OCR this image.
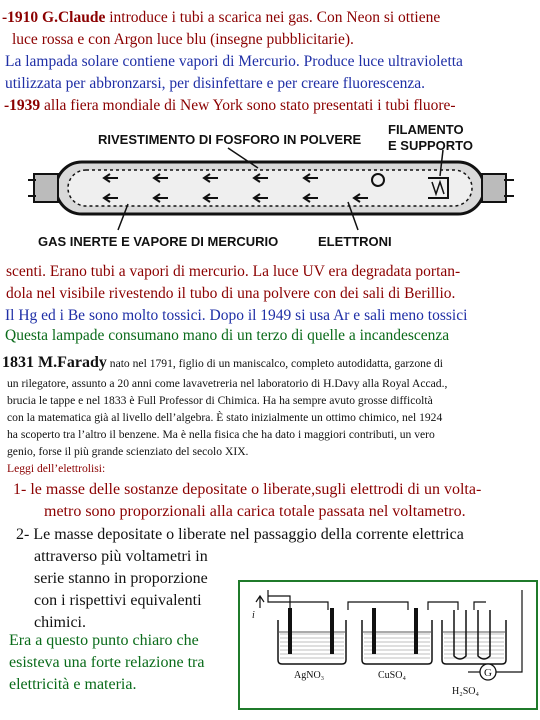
-1910 G.Claude introduce i tubi a scarica nei gas. Con Neon si ottiene
luce rossa e con Argon luce blu (insegne pubblicitarie).
La lampada solare contiene vapori di Mercurio. Produce luce ultravioletta
utilizzata per abbronzarsi, per disinfettare e per creare fluorescenza.
-1939 alla fiera mondiale di New York sono stato presentati i tubi fluore-
RIVESTIMENTO DI FOSFORO IN POLVERE
FILAMENTO
E SUPPORTO
GAS INERTE E VAPORE DI MERCURIO	ELETTRONI
scenti. Erano tubi a vapori di mercurio. La luce UV era degradata portan-
dola nel visibile rivestendo il tubo di una polvere con dei sali di Berillio.
Il Hg ed i Be sono molto tossici. Dopo il 1949 si usa Ar e sali meno tossici
Questa lampade consumano mano di un terzo di quelle a incandescenza
1831 M.Farady nato nel 1791, figlio di un maniscalco, completo autodidatta, garzone di
un rilegatore, assunto a 20 anni come lavavetreria nel laboratorio di H.Davy alla Royal Accad.,
brucia le tappe e nel 1833 è Full Professor di Chimica. Ha ha sempre avuto grosse difficoltà
con la matematica già al livello dell’algebra. È stato inizialmente un ottimo chimico, nel 1924
ha scoperto tra l’altro il benzene. Ma è nella fisica che ha dato i maggiori contributi, un vero
genio, forse il più grande scienziato del secolo XIX.
Leggi dell’elettrolisi:
1- le masse delle sostanze depositate o liberate,sugli elettrodi di un volta-
metro sono proporzionali alla carica totale passata nel voltametro.
2- Le masse depositate o liberate nel passaggio della corrente elettrica
attraverso più voltametri in
serie stanno in proporzione
con i rispettivi equivalenti
chimici.
Era a questo punto chiaro che
esisteva una forte relazione tra
elettricità e materia.
G
i
AgNO₃	CuSO₄
H₂SO₄
